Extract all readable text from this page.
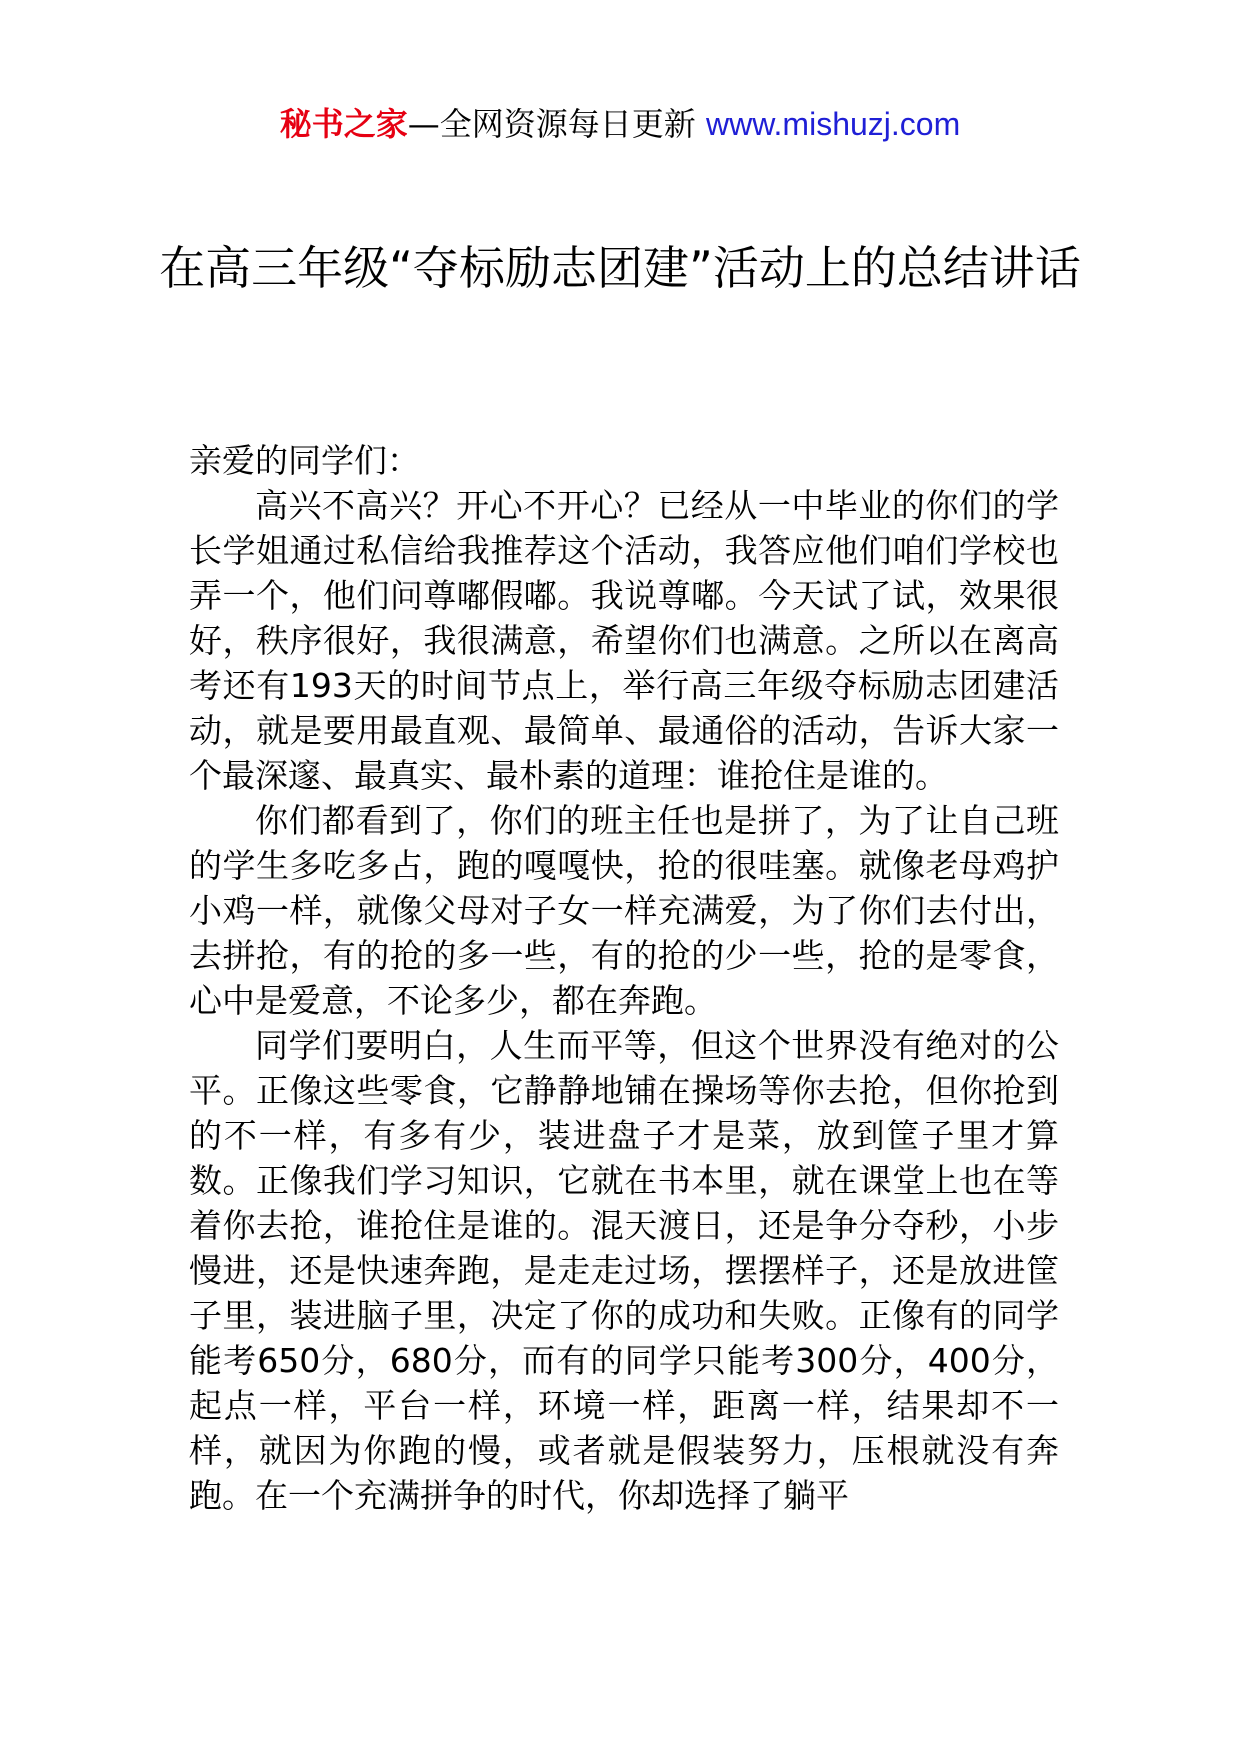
秘书之家—全网资源每日更新 www.mishuzj.com
在高三年级“夺标励志团建”活动上的总结讲话

亲爱的同学们：

高兴不高兴？开心不开心？已经从一中毕业的你们的学长学姐通过私信给我推荐这个活动，我答应他们咱们学校也弄一个，他们问尊嘟假嘟。我说尊嘟。今天试了试，效果很好，秩序很好，我很满意，希望你们也满意。之所以在离高考还有193天的时间节点上，举行高三年级夺标励志团建活动，就是要用最直观、最简单、最通俗的活动，告诉大家一个最深邃、最真实、最朴素的道理：谁抢住是谁的。

你们都看到了，你们的班主任也是拼了，为了让自己班的学生多吃多占，跑的嘎嘎快，抢的很哇塞。就像老母鸡护小鸡一样，就像父母对子女一样充满爱，为了你们去付出，去拼抢，有的抢的多一些，有的抢的少一些，抢的是零食，心中是爱意，不论多少，都在奔跑。

同学们要明白，人生而平等，但这个世界没有绝对的公平。正像这些零食，它静静地铺在操场等你去抢，但你抢到的不一样，有多有少，装进盘子才是菜，放到筐子里才算数。正像我们学习知识，它就在书本里，就在课堂上也在等着你去抢，谁抢住是谁的。混天渡日，还是争分夺秒，小步慢进，还是快速奔跑，是走走过场，摆摆样子，还是放进筐子里，装进脑子里，决定了你的成功和失败。正像有的同学能考650分，680分，而有的同学只能考300分，400分，起点一样，平台一样，环境一样，距离一样，结果却不一样，就因为你跑的慢，或者就是假装努力，压根就没有奔跑。在一个充满拼争的时代，你却选择了躺平
